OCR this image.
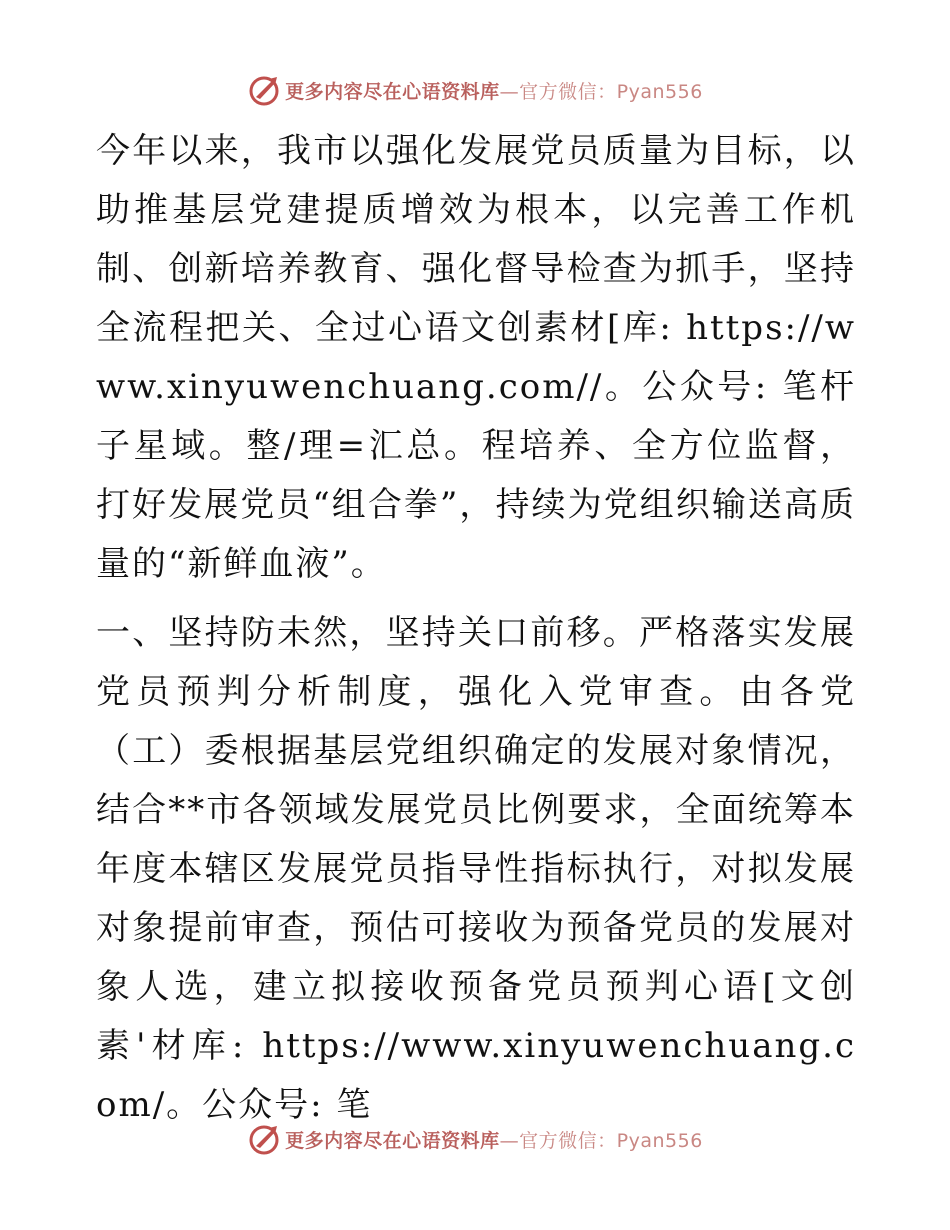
更多内容尽在心语资料库—官方微信：Pyan556

今年以来，我市以强化发展党员质量为目标，以助推基层党建提质增效为根本，以完善工作机制、创新培养教育、强化督导检查为抓手，坚持全流程把关、全过心语文创素材[库: https://www.xinyuwenchuang.com//。公众号: 笔杆子星域。整/理=汇总。程培养、全方位监督，打好发展党员“组合拳”，持续为党组织输送高质量的“新鲜血液”。

一、坚持防未然，坚持关口前移。严格落实发展党员预判分析制度，强化入党审查。由各党（工）委根据基层党组织确定的发展对象情况，结合**市各领域发展党员比例要求，全面统筹本年度本辖区发展党员指导性指标执行，对拟发展对象提前审查，预估可接收为预备党员的发展对象人选，建立拟接收预备党员预判心语[文创素'材库: https://www.xinyuwenchuang.com/。公众号: 笔

更多内容尽在心语资料库—官方微信：Pyan556
